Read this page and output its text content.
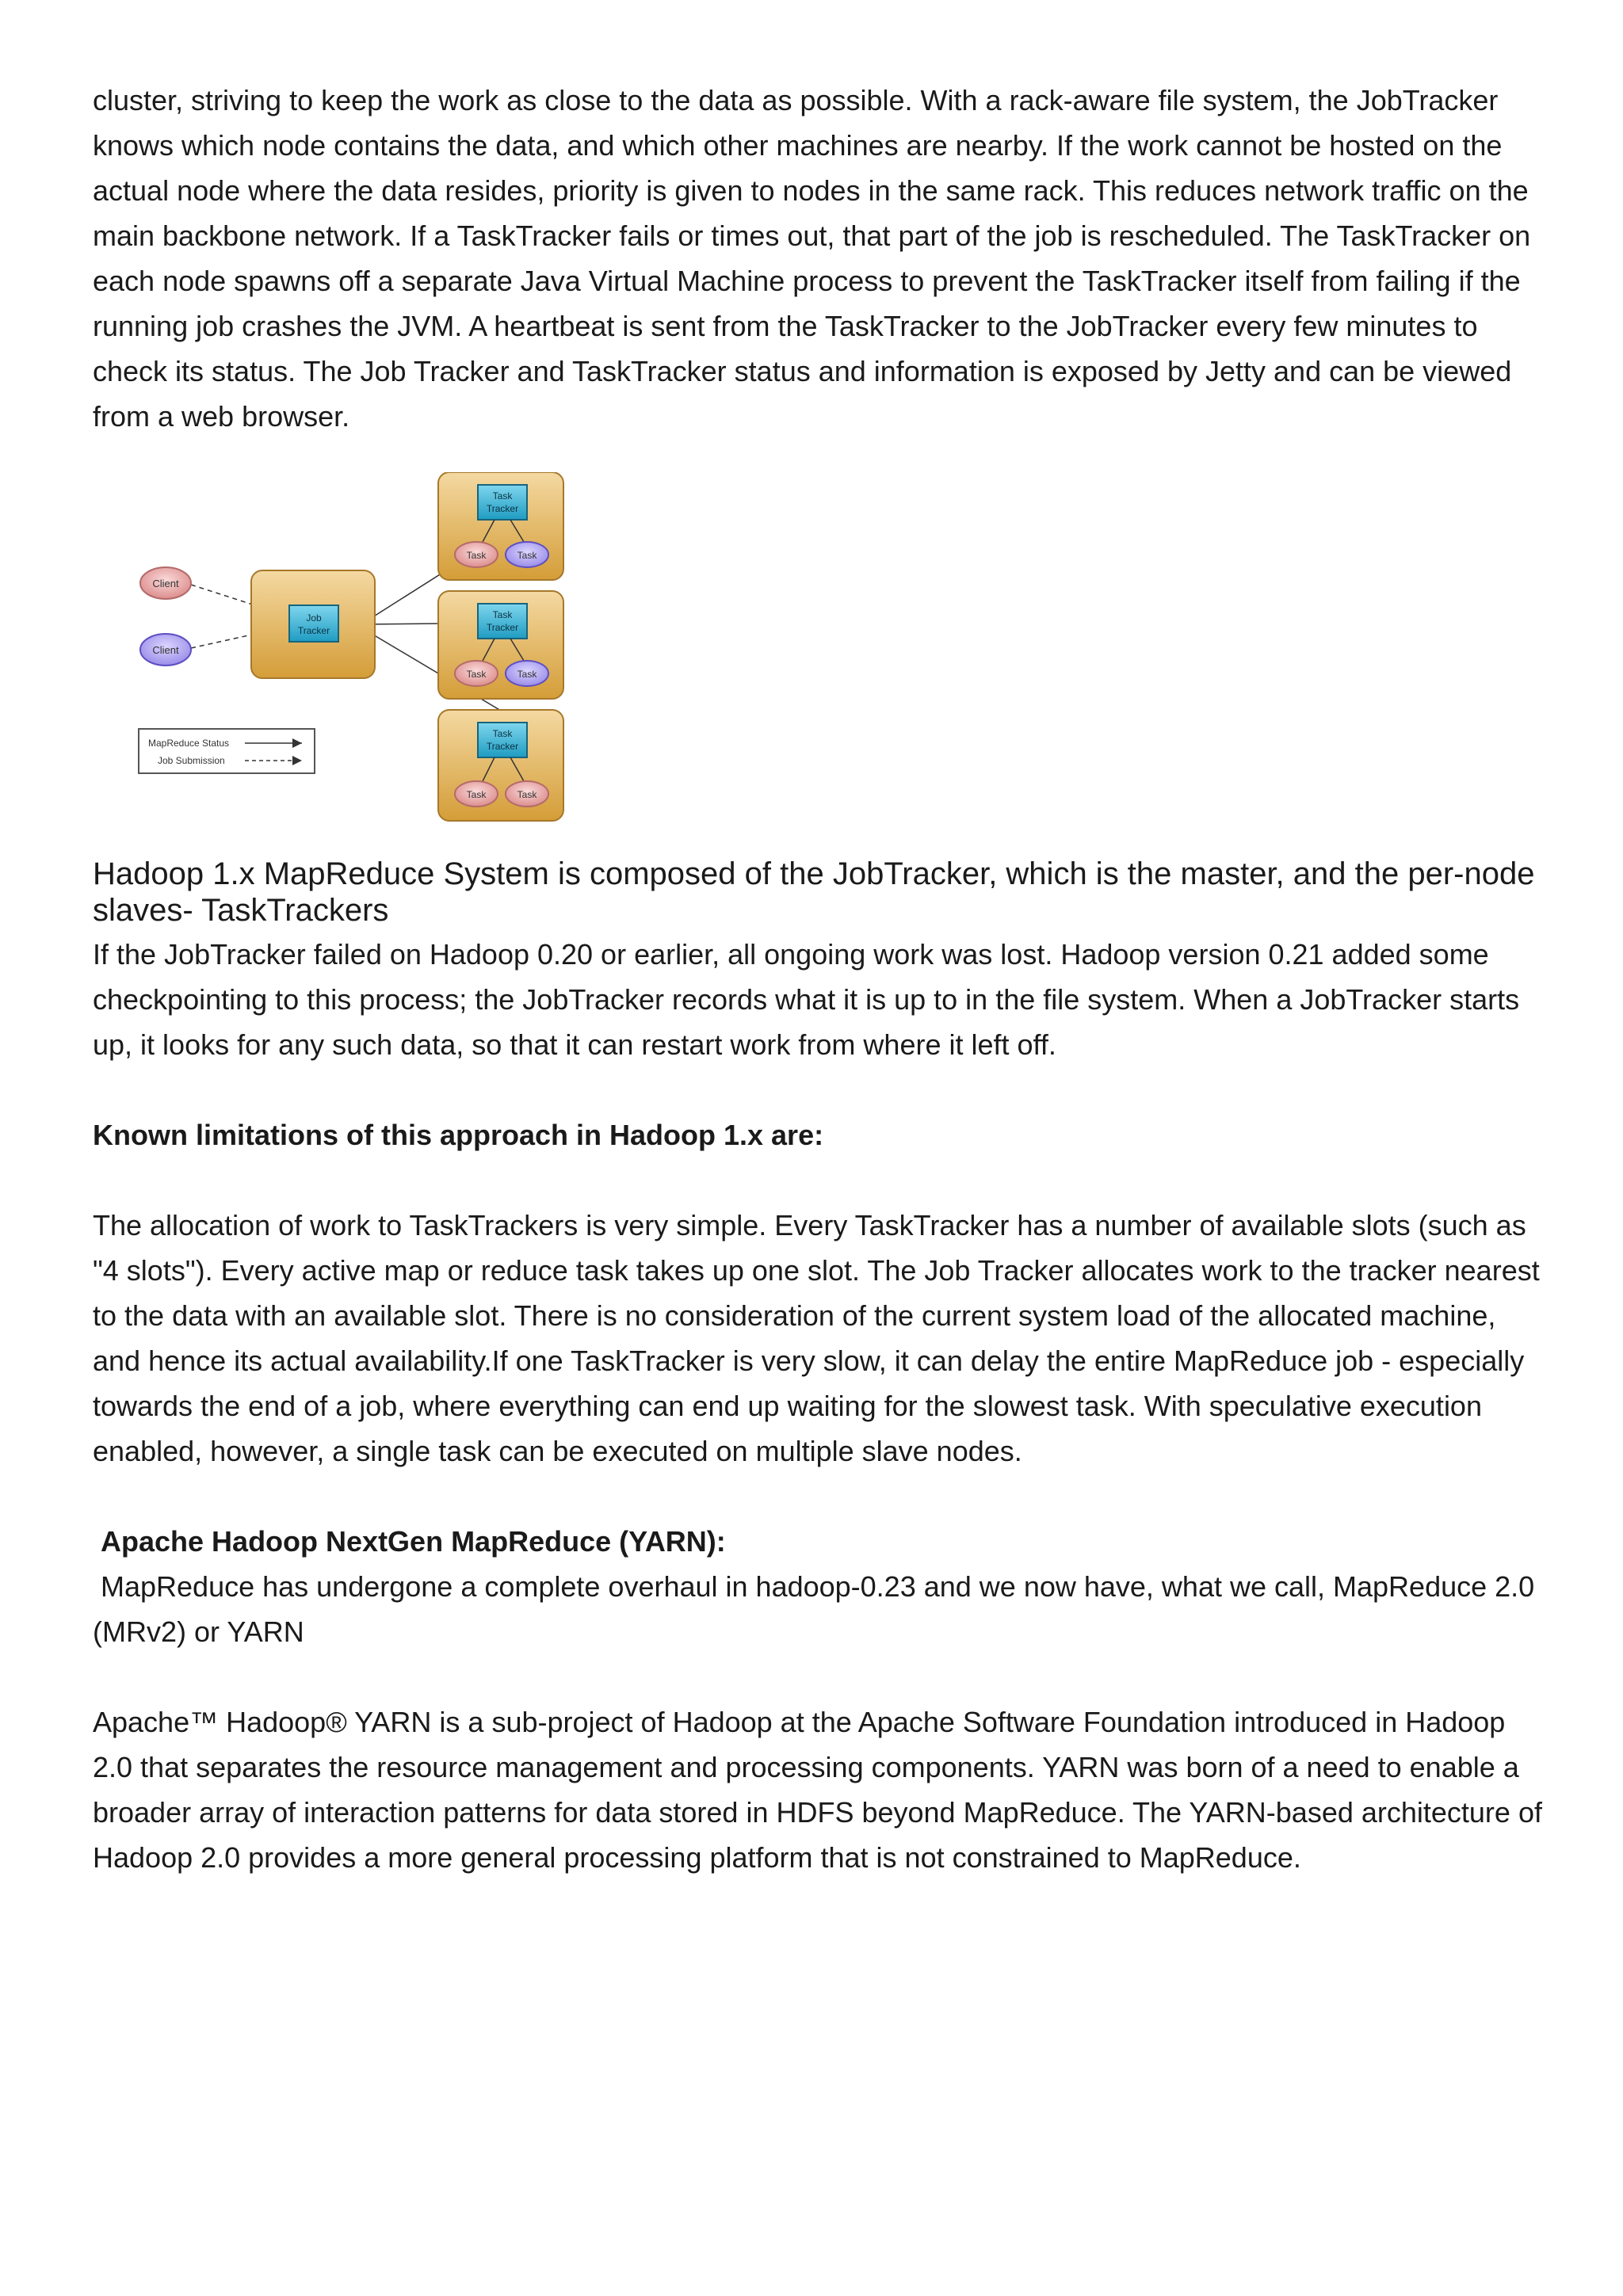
cluster, striving to keep the work as close to the data as possible. With a rack-aware file system, the JobTracker knows which node contains the data, and which other machines are nearby. If the work cannot be hosted on the actual node where the data resides, priority is given to nodes in the same rack. This reduces network traffic on the main backbone network. If a TaskTracker fails or times out, that part of the job is rescheduled. The TaskTracker on each node spawns off a separate Java Virtual Machine process to prevent the TaskTracker itself from failing if the running job crashes the JVM. A heartbeat is sent from the TaskTracker to the JobTracker every few minutes to check its status. The Job Tracker and TaskTracker status and information is exposed by Jetty and can be viewed from a web browser.

Client
Client
Job
Tracker
Task
Tracker
Task	Task
Task
Tracker
Task	Task
Task
Tracker
Task	Task
MapReduce Status
Job Submission

Hadoop 1.x MapReduce System is composed of the JobTracker, which is the master, and the per-node slaves- TaskTrackers

If the JobTracker failed on Hadoop 0.20 or earlier, all ongoing work was lost. Hadoop version 0.21 added some checkpointing to this process; the JobTracker records what it is up to in the file system. When a JobTracker starts up, it looks for any such data, so that it can restart work from where it left off.

Known limitations of this approach in Hadoop 1.x are:

The allocation of work to TaskTrackers is very simple. Every TaskTracker has a number of available slots (such as "4 slots"). Every active map or reduce task takes up one slot. The Job Tracker allocates work to the tracker nearest to the data with an available slot. There is no consideration of the current system load of the allocated machine, and hence its actual availability.If one TaskTracker is very slow, it can delay the entire MapReduce job - especially towards the end of a job, where everything can end up waiting for the slowest task. With speculative execution enabled, however, a single task can be executed on multiple slave nodes.

Apache Hadoop NextGen MapReduce (YARN):

MapReduce has undergone a complete overhaul in hadoop-0.23 and we now have, what we call, MapReduce 2.0 (MRv2) or YARN

Apache™ Hadoop® YARN is a sub-project of Hadoop at the Apache Software Foundation introduced in Hadoop 2.0 that separates the resource management and processing components. YARN was born of a need to enable a broader array of interaction patterns for data stored in HDFS beyond MapReduce. The YARN-based architecture of Hadoop 2.0 provides a more general processing platform that is not constrained to MapReduce.
